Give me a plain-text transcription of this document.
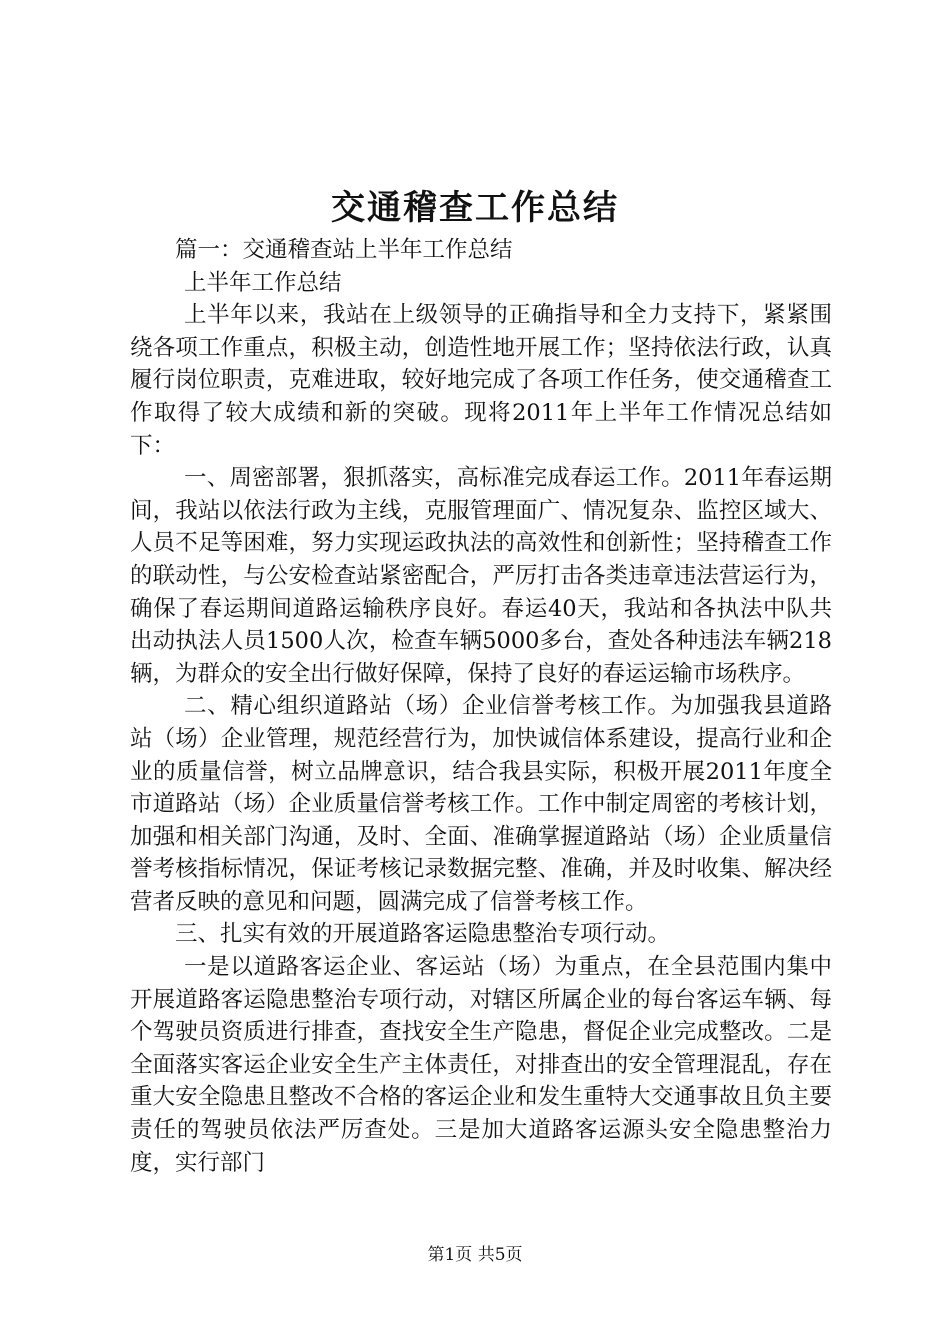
交通稽查工作总结

篇一：交通稽查站上半年工作总结

上半年工作总结

上半年以来，我站在上级领导的正确指导和全力支持下，紧紧围绕各项工作重点，积极主动，创造性地开展工作；坚持依法行政，认真履行岗位职责，克难进取，较好地完成了各项工作任务，使交通稽查工作取得了较大成绩和新的突破。现将2011年上半年工作情况总结如下：

一、周密部署，狠抓落实，高标准完成春运工作。2011年春运期间，我站以依法行政为主线，克服管理面广、情况复杂、监控区域大、人员不足等困难，努力实现运政执法的高效性和创新性；坚持稽查工作的联动性，与公安检查站紧密配合，严厉打击各类违章违法营运行为，确保了春运期间道路运输秩序良好。春运40天，我站和各执法中队共出动执法人员1500人次，检查车辆5000多台，查处各种违法车辆218辆，为群众的安全出行做好保障，保持了良好的春运运输市场秩序。

二、精心组织道路站（场）企业信誉考核工作。为加强我县道路站（场）企业管理，规范经营行为，加快诚信体系建设，提高行业和企业的质量信誉，树立品牌意识，结合我县实际，积极开展2011年度全市道路站（场）企业质量信誉考核工作。工作中制定周密的考核计划，加强和相关部门沟通，及时、全面、准确掌握道路站（场）企业质量信誉考核指标情况，保证考核记录数据完整、准确，并及时收集、解决经营者反映的意见和问题，圆满完成了信誉考核工作。

三、扎实有效的开展道路客运隐患整治专项行动。

一是以道路客运企业、客运站（场）为重点，在全县范围内集中开展道路客运隐患整治专项行动，对辖区所属企业的每台客运车辆、每个驾驶员资质进行排查，查找安全生产隐患，督促企业完成整改。二是全面落实客运企业安全生产主体责任，对排查出的安全管理混乱，存在重大安全隐患且整改不合格的客运企业和发生重特大交通事故且负主要责任的驾驶员依法严厉查处。三是加大道路客运源头安全隐患整治力度，实行部门

第1页 共5页
